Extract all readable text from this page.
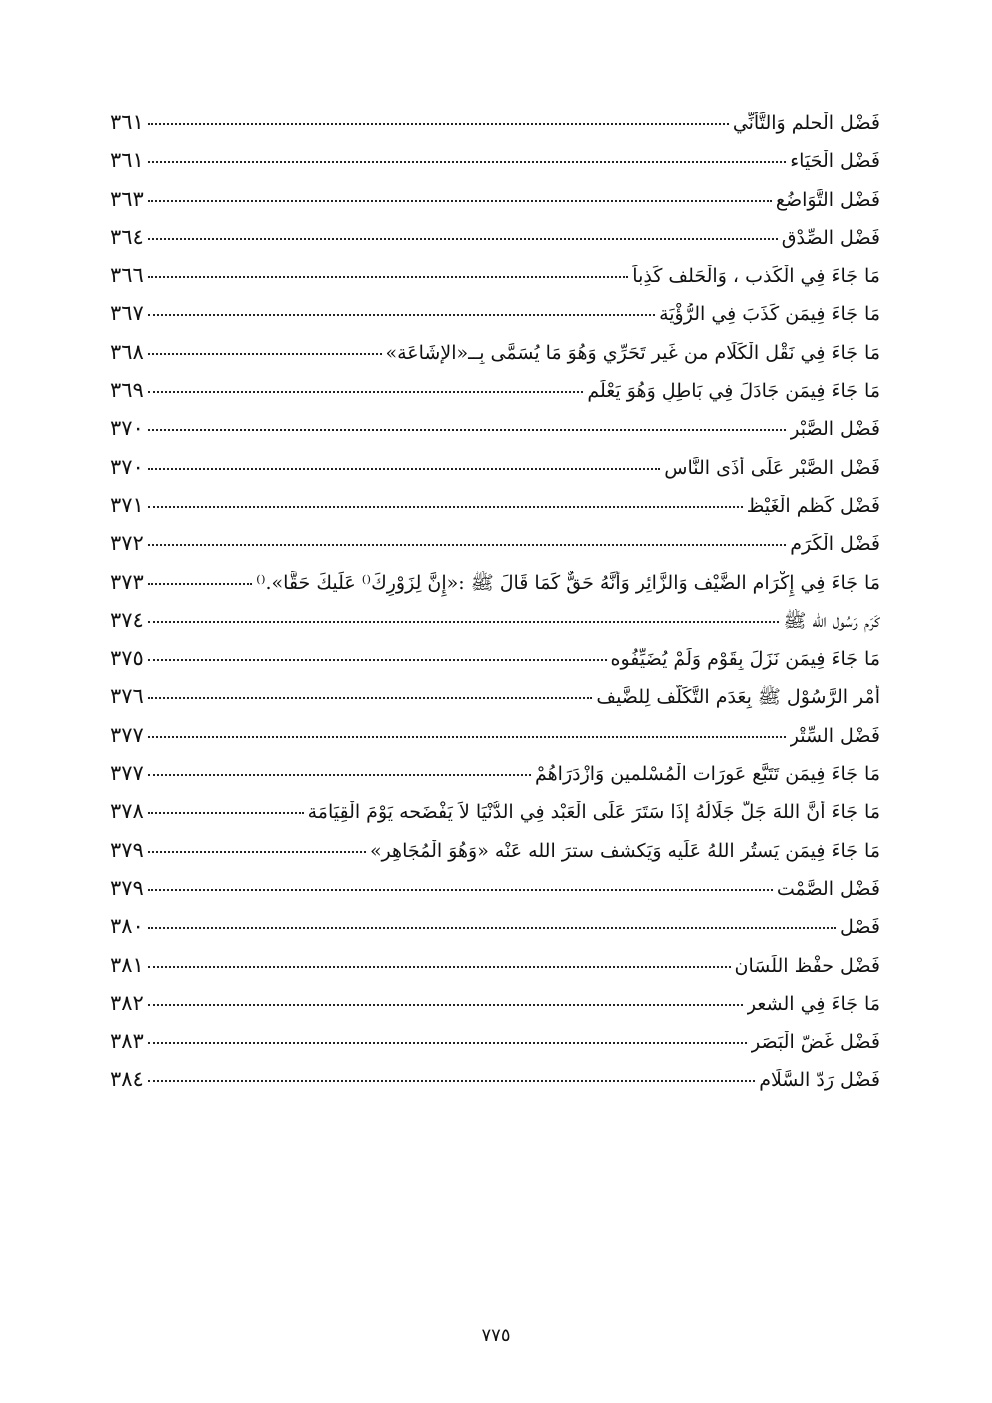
فَضْل الْحلم وَالتَّأَنِّي
٣٦١
فَضْل الْحَيَاء
٣٦١
فَضْل التَّوَاضُع
٣٦٣
فَضْل الصِّدْق
٣٦٤
مَا جَاءَ فِي الْكَذب ، وَالْحَلف كَذِباً
٣٦٦
مَا جَاءَ فِيمَن كَذَبَ فِي الرُّؤْيَة
٣٦٧
مَا جَاءَ فِي نَقْل الْكَلَام من غَير تَحَرِّي وَهُوَ مَا يُسَمَّى بِــ«الإِشَاعَة»
٣٦٨
مَا جَاءَ فِيمَن جَادَلَ فِي بَاطِلٍ وَهُوَ يَعْلَم
٣٦٩
فَضْل الصَّبْر
٣٧٠
فَضْل الصَّبْر عَلَى أَذَى النَّاس
٣٧٠
فَضْل كَظم الْغَيْظ
٣٧١
فَضْل الْكَرَم
٣٧٢
مَا جَاءَ فِي إِكْرَام الضَّيْف وَالزَّائِر وَأَنَّهُ حَقٌّ كَمَا قَالَ ﷺ :«إِنَّ لِزَوْرِكَ⁽⁾ عَلَيكَ حَقًّا».⁽⁾
٣٧٣
كَرَم رَسُول الله ﷺ
٣٧٤
مَا جَاءَ فِيمَن نَزَلَ بِقَوْم وَلَمْ يُضَيِّفُوه
٣٧٥
أَمْر الرَّسُوْل ﷺ بِعَدَم التَّكَلُّف لِلضَّيف
٣٧٦
فَضْل السِّتْر
٣٧٧
مَا جَاءَ فِيمَن تَتَبَّع عَورَات الْمُسْلمين وَازْدَرَاهُمْ
٣٧٧
مَا جَاءَ أَنَّ اللهَ جَلَّ جَلَالُهُ إِذَا سَتَرَ عَلَى الْعَبْد فِي الدُّنْيَا لاَ يَفْضَحه يَوْمَ الْقِيَامَة
٣٧٨
مَا جَاءَ فِيمَن يَستُر اللهُ عَلَيه وَيَكشف سترَ الله عَنْه «وَهُوَ الْمُجَاهِر»
٣٧٩
فَضْل الصَّمْت
٣٧٩
فَصْل
٣٨٠
فَضْل حفْظ اللِّسَان
٣٨١
مَا جَاءَ فِي الشعر
٣٨٢
فَضْل غَضّ الْبَصَر
٣٨٣
فَضْل رَدّ السَّلَام
٣٨٤
٧٧٥
